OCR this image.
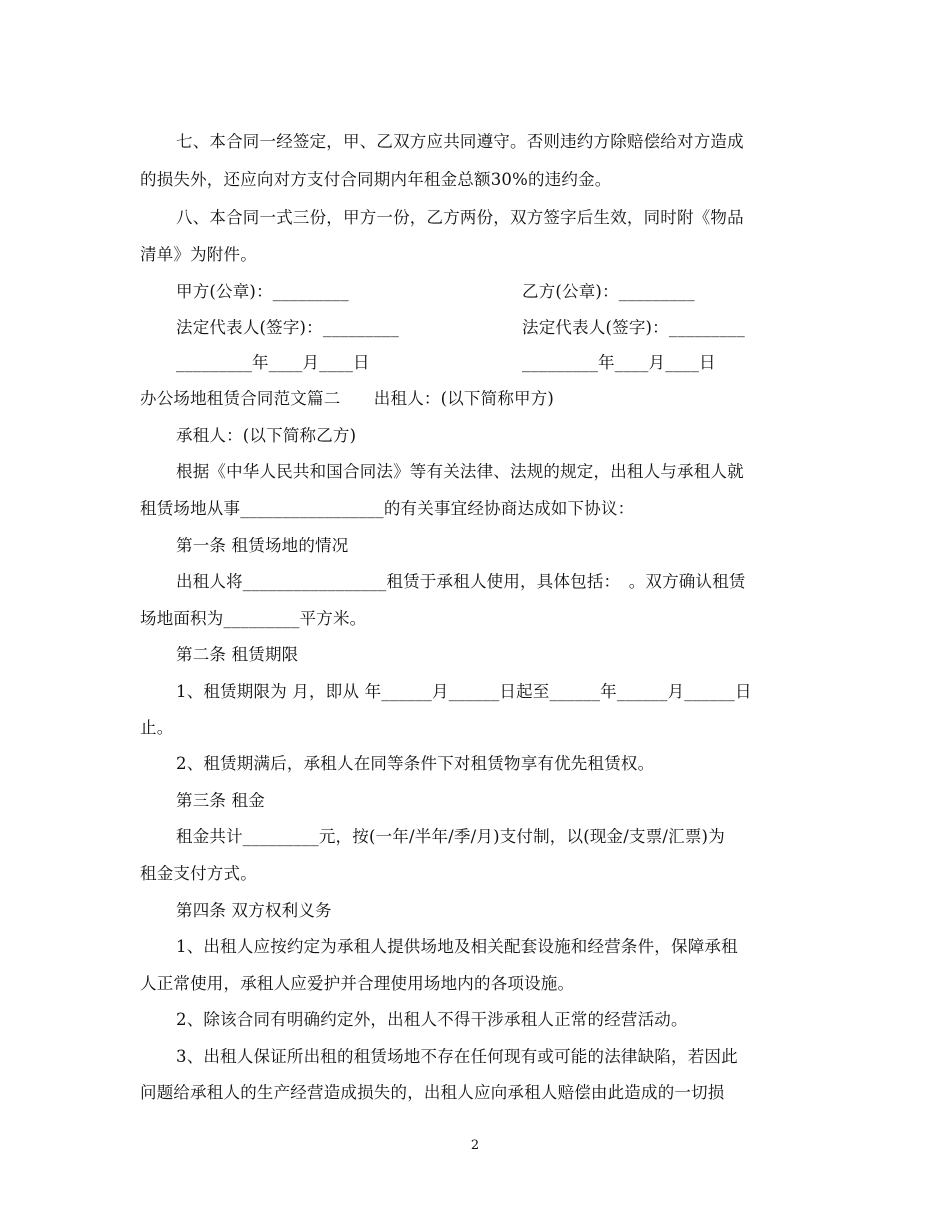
七、本合同一经签定，甲、乙双方应共同遵守。否则违约方除赔偿给对方造成
的损失外，还应向对方支付合同期内年租金总额30%的违约金。
八、本合同一式三份，甲方一份，乙方两份，双方签字后生效，同时附《物品
清单》为附件。
甲方(公章)：_________	乙方(公章)：_________
法定代表人(签字)：_________	法定代表人(签字)：_________
_________年____月____日	_________年____月____日
办公场地租赁合同范文篇二　　出租人：(以下简称甲方)
承租人：(以下简称乙方)
根据《中华人民共和国合同法》等有关法律、法规的规定，出租人与承租人就
租赁场地从事_________________的有关事宜经协商达成如下协议：
第一条 租赁场地的情况
出租人将_________________租赁于承租人使用，具体包括：　。双方确认租赁
场地面积为_________平方米。
第二条 租赁期限
1、租赁期限为 月，即从 年______月______日起至______年______月______日
止。
2、租赁期满后，承租人在同等条件下对租赁物享有优先租赁权。
第三条 租金
租金共计_________元，按(一年/半年/季/月)支付制，以(现金/支票/汇票)为
租金支付方式。
第四条 双方权利义务
1、出租人应按约定为承租人提供场地及相关配套设施和经营条件，保障承租
人正常使用，承租人应爱护并合理使用场地内的各项设施。
2、除该合同有明确约定外，出租人不得干涉承租人正常的经营活动。
3、出租人保证所出租的租赁场地不存在任何现有或可能的法律缺陷，若因此
问题给承租人的生产经营造成损失的，出租人应向承租人赔偿由此造成的一切损
2
